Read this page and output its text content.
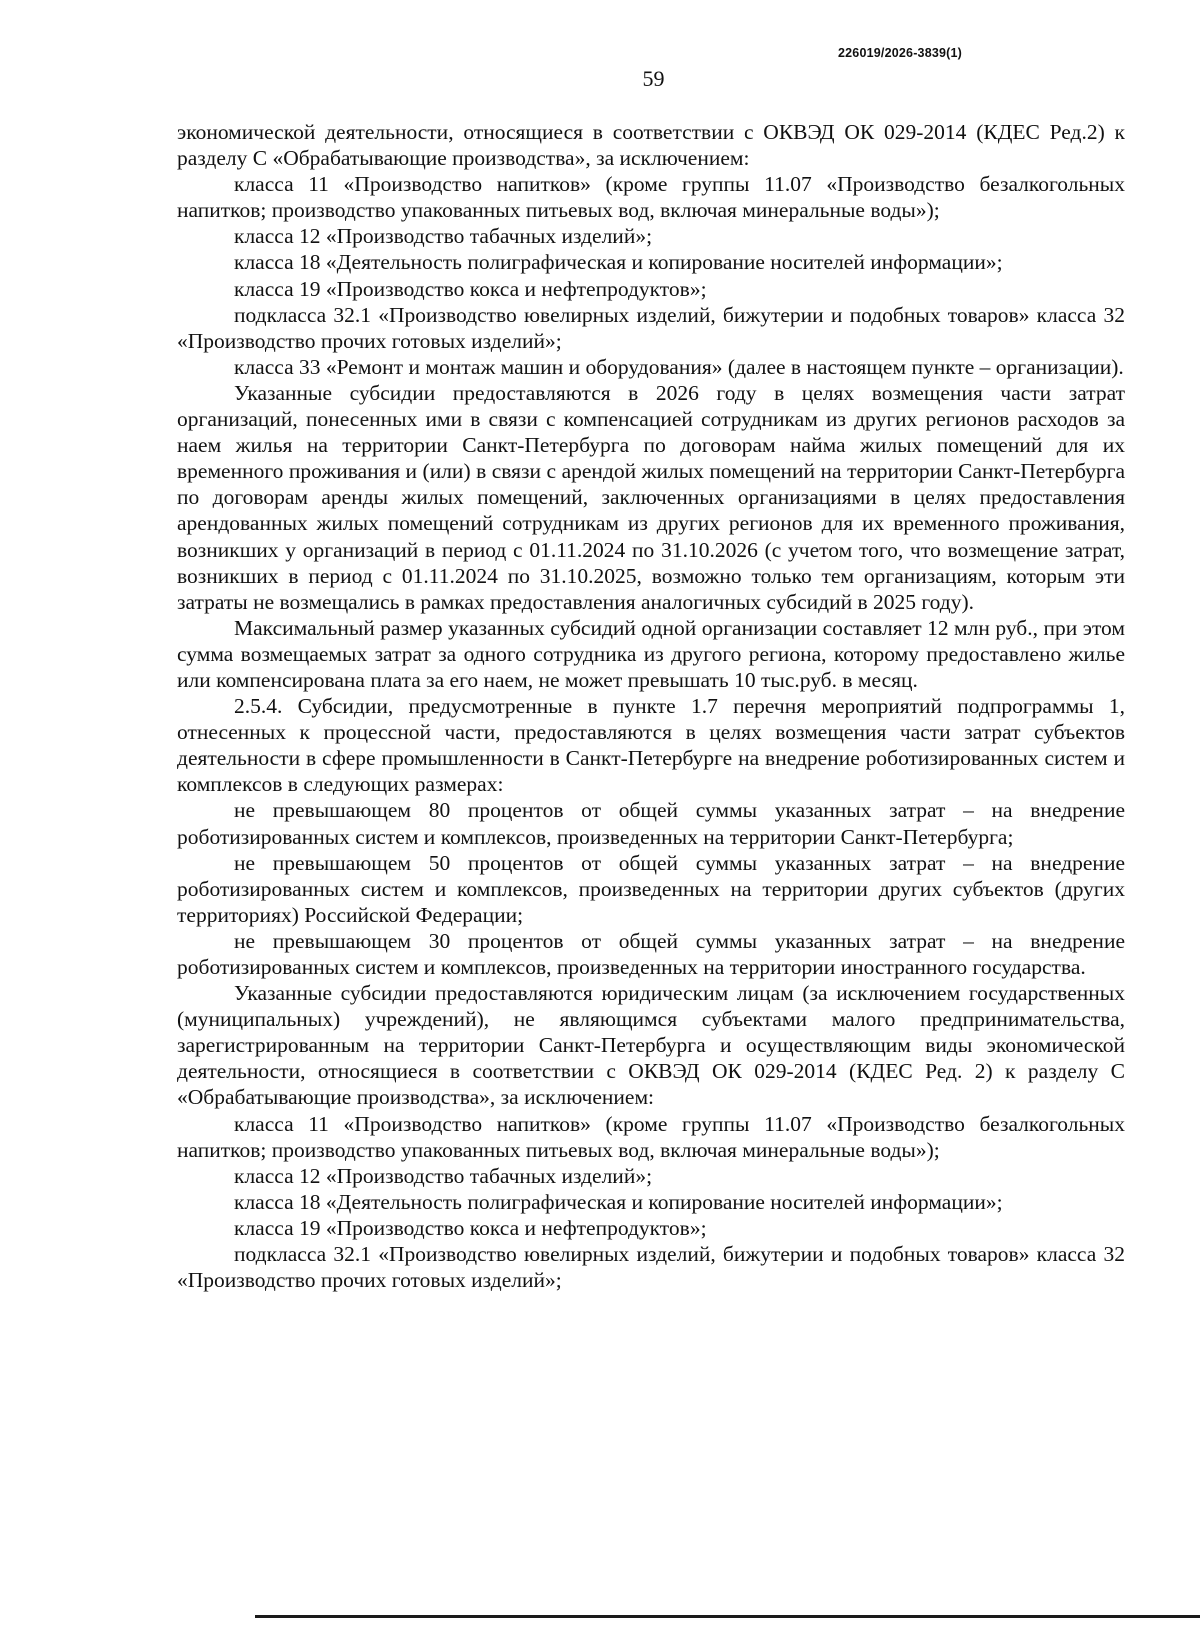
226019/2026-3839(1)
59

экономической деятельности, относящиеся в соответствии с ОКВЭД ОК 029-2014 (КДЕС Ред.2) к разделу С «Обрабатывающие производства», за исключением:

класса 11 «Производство напитков» (кроме группы 11.07 «Производство безалкогольных напитков; производство упакованных питьевых вод, включая минеральные воды»);

класса 12 «Производство табачных изделий»;

класса 18 «Деятельность полиграфическая и копирование носителей информации»;

класса 19 «Производство кокса и нефтепродуктов»;

подкласса 32.1 «Производство ювелирных изделий, бижутерии и подобных товаров» класса 32 «Производство прочих готовых изделий»;

класса 33 «Ремонт и монтаж машин и оборудования» (далее в настоящем пункте – организации).

Указанные субсидии предоставляются в 2026 году в целях возмещения части затрат организаций, понесенных ими в связи с компенсацией сотрудникам из других регионов расходов за наем жилья на территории Санкт-Петербурга по договорам найма жилых помещений для их временного проживания и (или) в связи с арендой жилых помещений на территории Санкт-Петербурга по договорам аренды жилых помещений, заключенных организациями в целях предоставления арендованных жилых помещений сотрудникам из других регионов для их временного проживания, возникших у организаций в период с 01.11.2024 по 31.10.2026 (с учетом того, что возмещение затрат, возникших в период с 01.11.2024 по 31.10.2025, возможно только тем организациям, которым эти затраты не возмещались в рамках предоставления аналогичных субсидий в 2025 году).

Максимальный размер указанных субсидий одной организации составляет 12 млн руб., при этом сумма возмещаемых затрат за одного сотрудника из другого региона, которому предоставлено жилье или компенсирована плата за его наем, не может превышать 10 тыс.руб. в месяц.

2.5.4. Субсидии, предусмотренные в пункте 1.7 перечня мероприятий подпрограммы 1, отнесенных к процессной части, предоставляются в целях возмещения части затрат субъектов деятельности в сфере промышленности в Санкт-Петербурге на внедрение роботизированных систем и комплексов в следующих размерах:

не превышающем 80 процентов от общей суммы указанных затрат – на внедрение роботизированных систем и комплексов, произведенных на территории Санкт-Петербурга;

не превышающем 50 процентов от общей суммы указанных затрат – на внедрение роботизированных систем и комплексов, произведенных на территории других субъектов (других территориях) Российской Федерации;

не превышающем 30 процентов от общей суммы указанных затрат – на внедрение роботизированных систем и комплексов, произведенных на территории иностранного государства.

Указанные субсидии предоставляются юридическим лицам (за исключением государственных (муниципальных) учреждений), не являющимся субъектами малого предпринимательства, зарегистрированным на территории Санкт-Петербурга и осуществляющим виды экономической деятельности, относящиеся в соответствии с ОКВЭД ОК 029-2014 (КДЕС Ред. 2) к разделу С «Обрабатывающие производства», за исключением:

класса 11 «Производство напитков» (кроме группы 11.07 «Производство безалкогольных напитков; производство упакованных питьевых вод, включая минеральные воды»);

класса 12 «Производство табачных изделий»;

класса 18 «Деятельность полиграфическая и копирование носителей информации»;

класса 19 «Производство кокса и нефтепродуктов»;

подкласса 32.1 «Производство ювелирных изделий, бижутерии и подобных товаров» класса 32 «Производство прочих готовых изделий»;
